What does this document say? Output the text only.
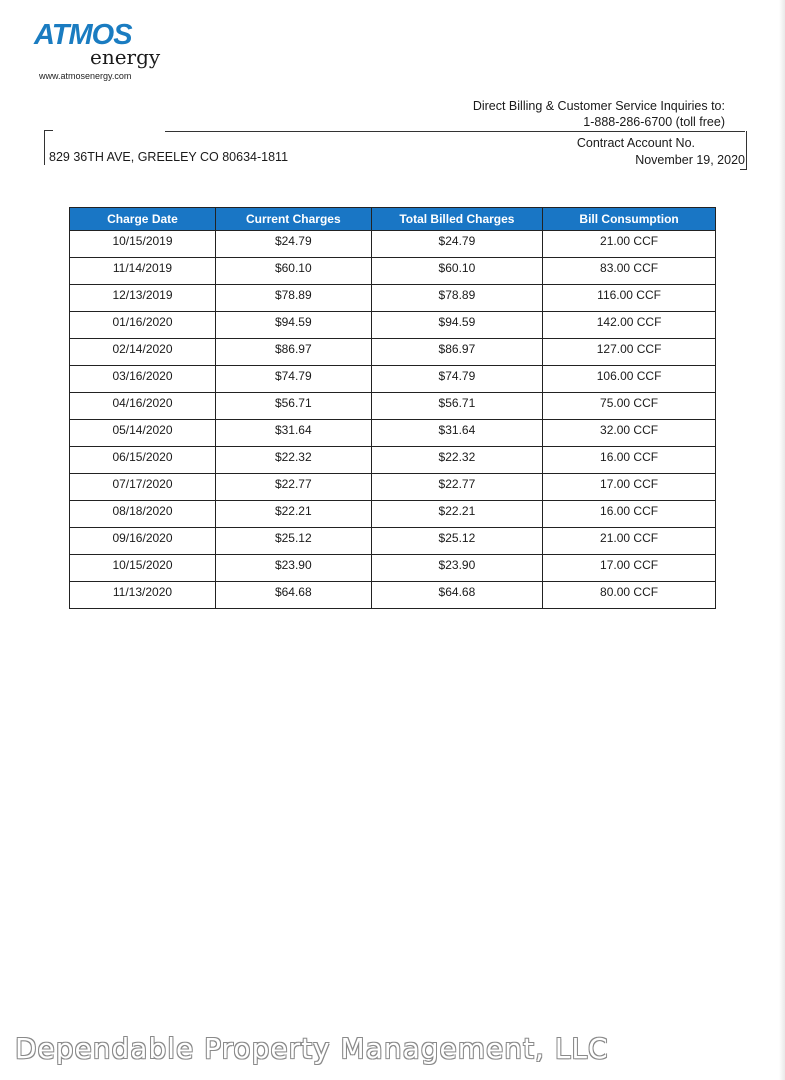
ATMOS
energy
www.atmosenergy.com
Direct Billing & Customer Service Inquiries to:
1-888-286-6700 (toll free)
829 36TH AVE, GREELEY CO 80634-1811
Contract Account No.
November 19, 2020
Charge Date	Current Charges	Total Billed Charges	Bill Consumption
10/15/2019	$24.79	$24.79	21.00 CCF
11/14/2019	$60.10	$60.10	83.00 CCF
12/13/2019	$78.89	$78.89	116.00 CCF
01/16/2020	$94.59	$94.59	142.00 CCF
02/14/2020	$86.97	$86.97	127.00 CCF
03/16/2020	$74.79	$74.79	106.00 CCF
04/16/2020	$56.71	$56.71	75.00 CCF
05/14/2020	$31.64	$31.64	32.00 CCF
06/15/2020	$22.32	$22.32	16.00 CCF
07/17/2020	$22.77	$22.77	17.00 CCF
08/18/2020	$22.21	$22.21	16.00 CCF
09/16/2020	$25.12	$25.12	21.00 CCF
10/15/2020	$23.90	$23.90	17.00 CCF
11/13/2020	$64.68	$64.68	80.00 CCF
Dependable Property Management, LLC
